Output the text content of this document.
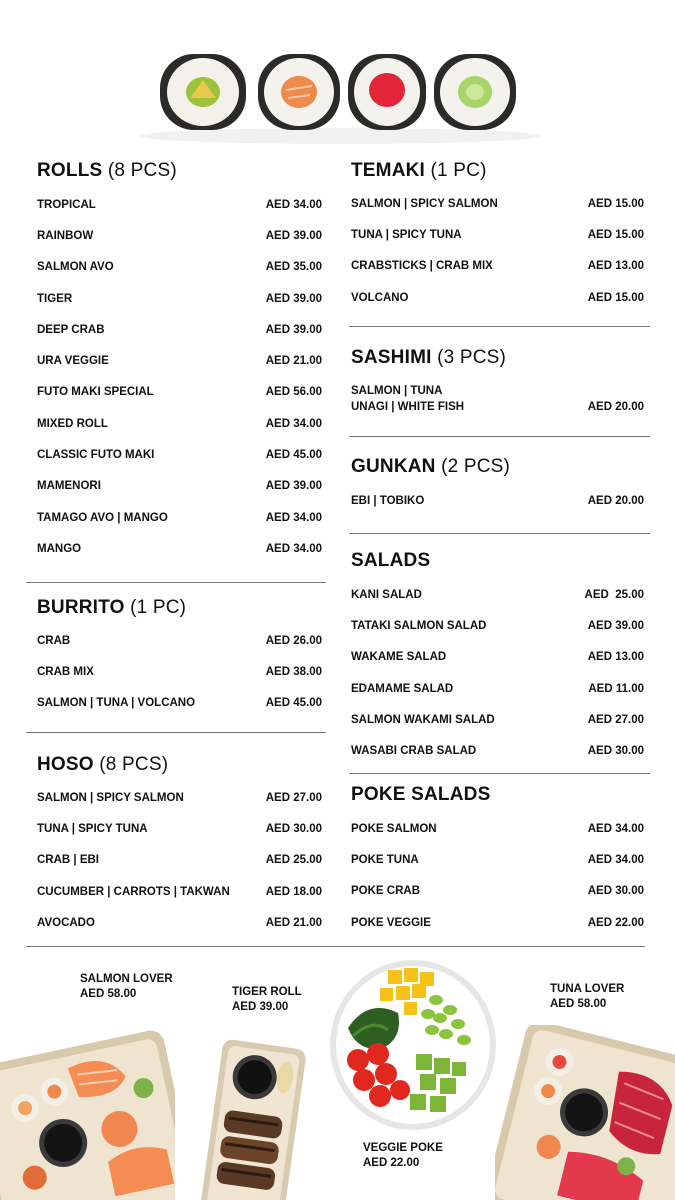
ROLLS (8 PCS)
TROPICAL	AED 34.00
RAINBOW	AED 39.00
SALMON AVO	AED 35.00
TIGER	AED 39.00
DEEP CRAB	AED 39.00
URA VEGGIE	AED 21.00
FUTO MAKI SPECIAL	AED 56.00
MIXED ROLL	AED 34.00
CLASSIC FUTO MAKI	AED 45.00
MAMENORI	AED 39.00
TAMAGO AVO | MANGO	AED 34.00
MANGO	AED 34.00
BURRITO (1 PC)
CRAB	AED 26.00
CRAB MIX	AED 38.00
SALMON | TUNA | VOLCANO	AED 45.00
HOSO (8 PCS)
SALMON | SPICY SALMON	AED 27.00
TUNA | SPICY TUNA	AED 30.00
CRAB | EBI	AED 25.00
CUCUMBER | CARROTS | TAKWAN	AED 18.00
AVOCADO	AED 21.00
TEMAKI (1 PC)
SALMON | SPICY SALMON	AED 15.00
TUNA | SPICY TUNA	AED 15.00
CRABSTICKS | CRAB MIX	AED 13.00
VOLCANO	AED 15.00
SASHIMI (3 PCS)
SALMON | TUNA
UNAGI | WHITE FISH	AED 20.00
GUNKAN (2 PCS)
EBI | TOBIKO	AED 20.00
SALADS
KANI SALAD	AED  25.00
TATAKI SALMON SALAD	AED 39.00
WAKAME SALAD	AED 13.00
EDAMAME SALAD	AED 11.00
SALMON WAKAMI SALAD	AED 27.00
WASABI CRAB SALAD	AED 30.00
POKE SALADS
POKE SALMON	AED 34.00
POKE TUNA	AED 34.00
POKE CRAB	AED 30.00
POKE VEGGIE	AED 22.00
SALMON LOVER
AED 58.00	TIGER ROLL
AED 39.00
VEGGIE POKE
AED 22.00
TUNA LOVER
AED 58.00
